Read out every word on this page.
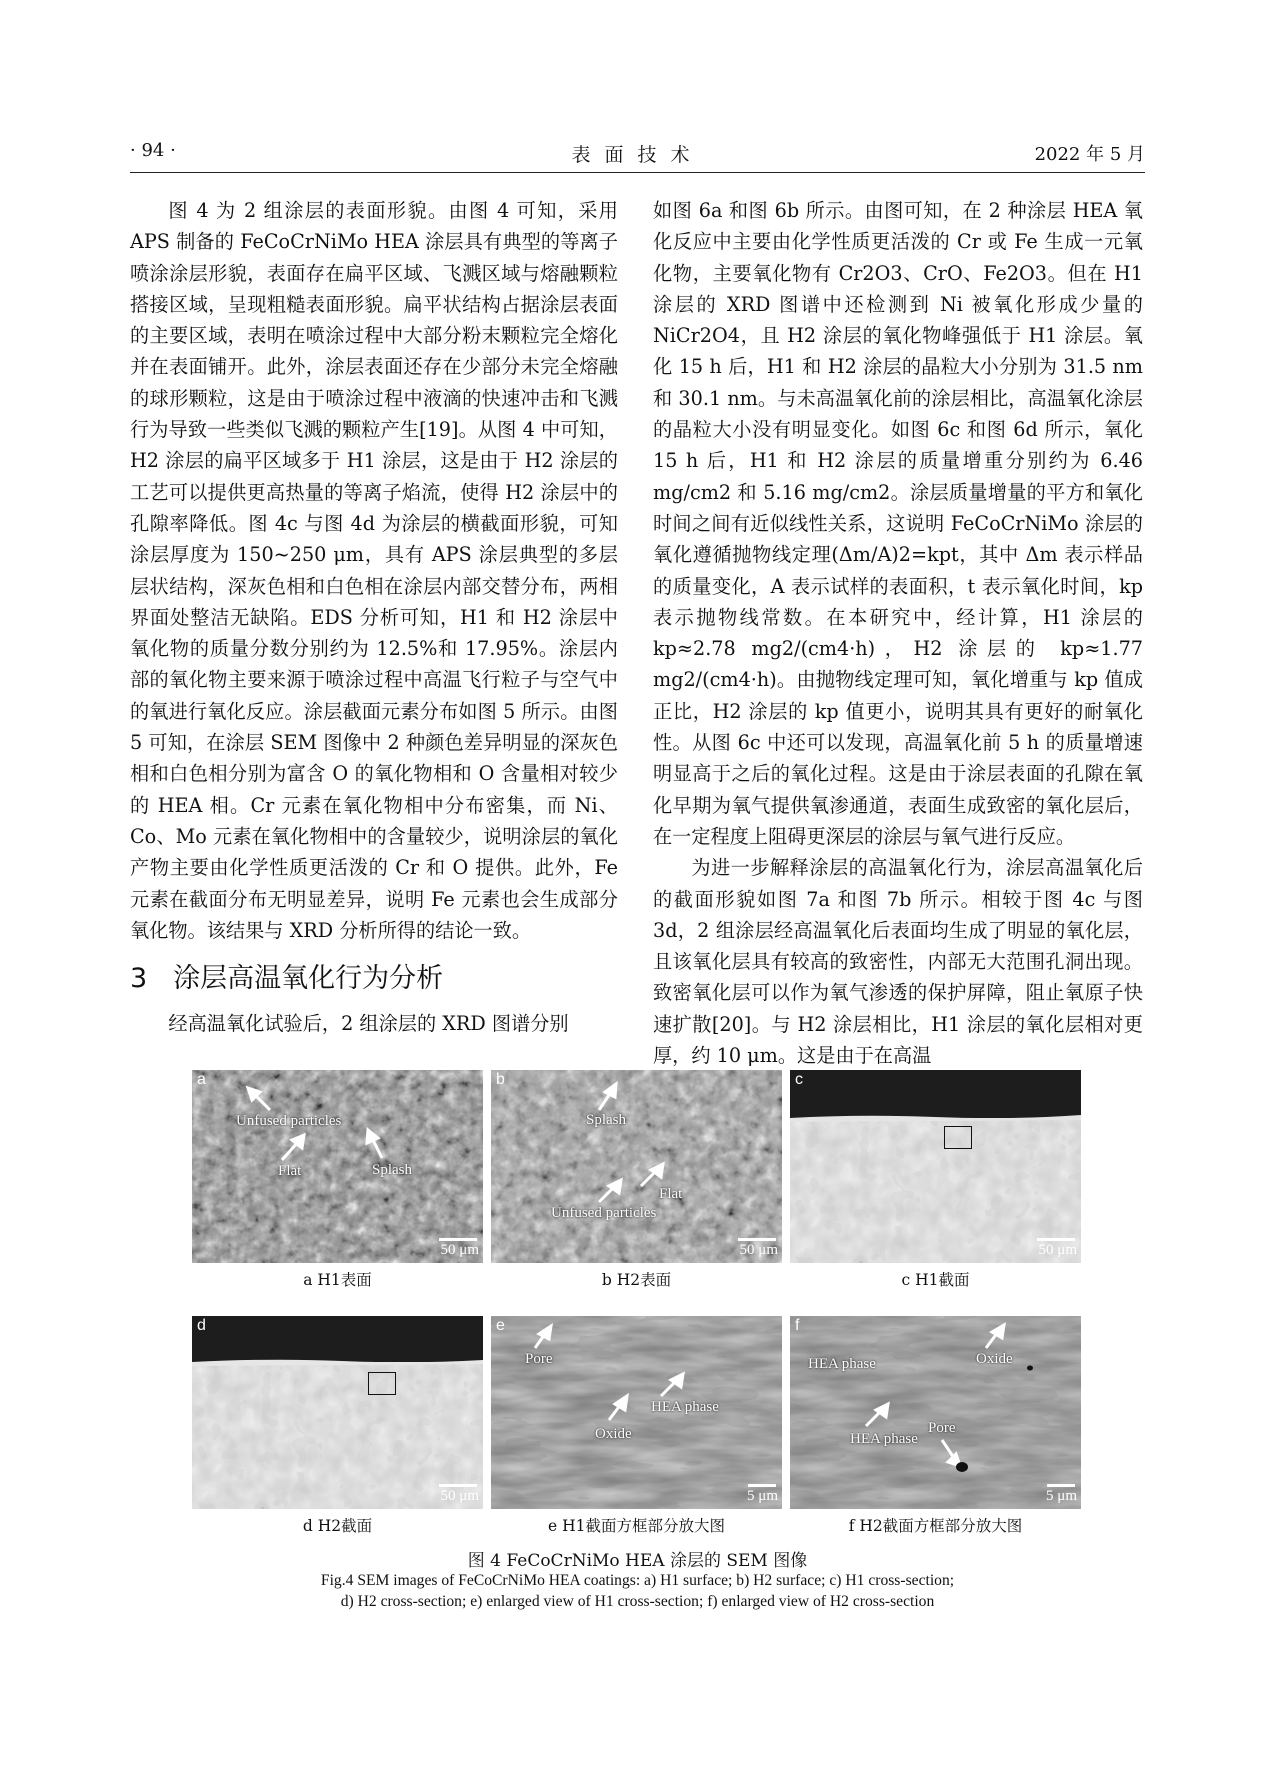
· 94 ·	表面技术	2022 年 5 月

图 4 为 2 组涂层的表面形貌。由图 4 可知，采用 APS 制备的 FeCoCrNiMo HEA 涂层具有典型的等离子喷涂涂层形貌，表面存在扁平区域、飞溅区域与熔融颗粒搭接区域，呈现粗糙表面形貌。扁平状结构占据涂层表面的主要区域，表明在喷涂过程中大部分粉末颗粒完全熔化并在表面铺开。此外，涂层表面还存在少部分未完全熔融的球形颗粒，这是由于喷涂过程中液滴的快速冲击和飞溅行为导致一些类似飞溅的颗粒产生[19]。从图 4 中可知，H2 涂层的扁平区域多于 H1 涂层，这是由于 H2 涂层的工艺可以提供更高热量的等离子焰流，使得 H2 涂层中的孔隙率降低。图 4c 与图 4d 为涂层的横截面形貌，可知涂层厚度为 150~250 μm，具有 APS 涂层典型的多层层状结构，深灰色相和白色相在涂层内部交替分布，两相界面处整洁无缺陷。EDS 分析可知，H1 和 H2 涂层中氧化物的质量分数分别约为 12.5%和 17.95%。涂层内部的氧化物主要来源于喷涂过程中高温飞行粒子与空气中的氧进行氧化反应。涂层截面元素分布如图 5 所示。由图 5 可知，在涂层 SEM 图像中 2 种颜色差异明显的深灰色相和白色相分别为富含 O 的氧化物相和 O 含量相对较少的 HEA 相。Cr 元素在氧化物相中分布密集，而 Ni、Co、Mo 元素在氧化物相中的含量较少，说明涂层的氧化产物主要由化学性质更活泼的 Cr 和 O 提供。此外，Fe 元素在截面分布无明显差异，说明 Fe 元素也会生成部分氧化物。该结果与 XRD 分析所得的结论一致。

3 涂层高温氧化行为分析

经高温氧化试验后，2 组涂层的 XRD 图谱分别

如图 6a 和图 6b 所示。由图可知，在 2 种涂层 HEA 氧化反应中主要由化学性质更活泼的 Cr 或 Fe 生成一元氧化物，主要氧化物有 Cr2O3、CrO、Fe2O3。但在 H1 涂层的 XRD 图谱中还检测到 Ni 被氧化形成少量的 NiCr2O4，且 H2 涂层的氧化物峰强低于 H1 涂层。氧化 15 h 后，H1 和 H2 涂层的晶粒大小分别为 31.5 nm 和 30.1 nm。与未高温氧化前的涂层相比，高温氧化涂层的晶粒大小没有明显变化。如图 6c 和图 6d 所示，氧化 15 h 后，H1 和 H2 涂层的质量增重分别约为 6.46 mg/cm2 和 5.16 mg/cm2。涂层质量增量的平方和氧化时间之间有近似线性关系，这说明 FeCoCrNiMo 涂层的氧化遵循抛物线定理(Δm/A)2=kpt，其中 Δm 表示样品的质量变化，A 表示试样的表面积，t 表示氧化时间，kp 表示抛物线常数。在本研究中，经计算，H1 涂层的 kp≈2.78 mg2/(cm4·h)，H2 涂层的 kp≈1.77 mg2/(cm4·h)。由抛物线定理可知，氧化增重与 kp 值成正比，H2 涂层的 kp 值更小，说明其具有更好的耐氧化性。从图 6c 中还可以发现，高温氧化前 5 h 的质量增速明显高于之后的氧化过程。这是由于涂层表面的孔隙在氧化早期为氧气提供氧渗通道，表面生成致密的氧化层后，在一定程度上阻碍更深层的涂层与氧气进行反应。

为进一步解释涂层的高温氧化行为，涂层高温氧化后的截面形貌如图 7a 和图 7b 所示。相较于图 4c 与图 3d，2 组涂层经高温氧化后表面均生成了明显的氧化层，且该氧化层具有较高的致密性，内部无大范围孔洞出现。致密氧化层可以作为氧气渗透的保护屏障，阻止氧原子快速扩散[20]。与 H2 涂层相比，H1 涂层的氧化层相对更厚，约 10 μm。这是由于在高温

a
Unfused particles
Flat	Splash
50 μm
a H1表面
b
Splash
Flat
Unfused particles
50 μm
b H2表面
c
50 μm
c H1截面
d
50 μm
d H2截面
e
Pore
HEA phase
Oxide
5 μm
e H1截面方框部分放大图
f
HEA phase	Oxide
HEA phase
Pore
5 μm
f H2截面方框部分放大图
图 4 FeCoCrNiMo HEA 涂层的 SEM 图像
Fig.4 SEM images of FeCoCrNiMo HEA coatings: a) H1 surface; b) H2 surface; c) H1 cross-section;
d) H2 cross-section; e) enlarged view of H1 cross-section; f) enlarged view of H2 cross-section
